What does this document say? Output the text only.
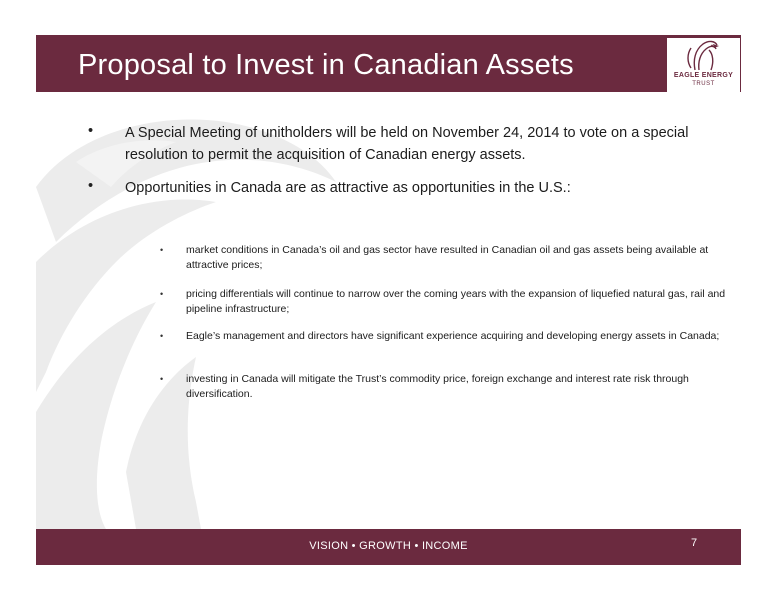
Proposal to Invest in Canadian Assets	EAGLE ENERGY
TRUST
• A Special Meeting of unitholders will be held on November 24, 2014 to vote on a special resolution to permit the acquisition of Canadian energy assets.
• Opportunities in Canada are as attractive as opportunities in the U.S.:
• market conditions in Canada’s oil and gas sector have resulted in Canadian oil and gas assets being available at attractive prices;
• pricing differentials will continue to narrow over the coming years with the expansion of liquefied natural gas, rail and pipeline infrastructure;
• Eagle’s management and directors have significant experience acquiring and developing energy assets in Canada;
• investing in Canada will mitigate the Trust’s commodity price, foreign exchange and interest rate risk through diversification.
VISION • GROWTH • INCOME	7
